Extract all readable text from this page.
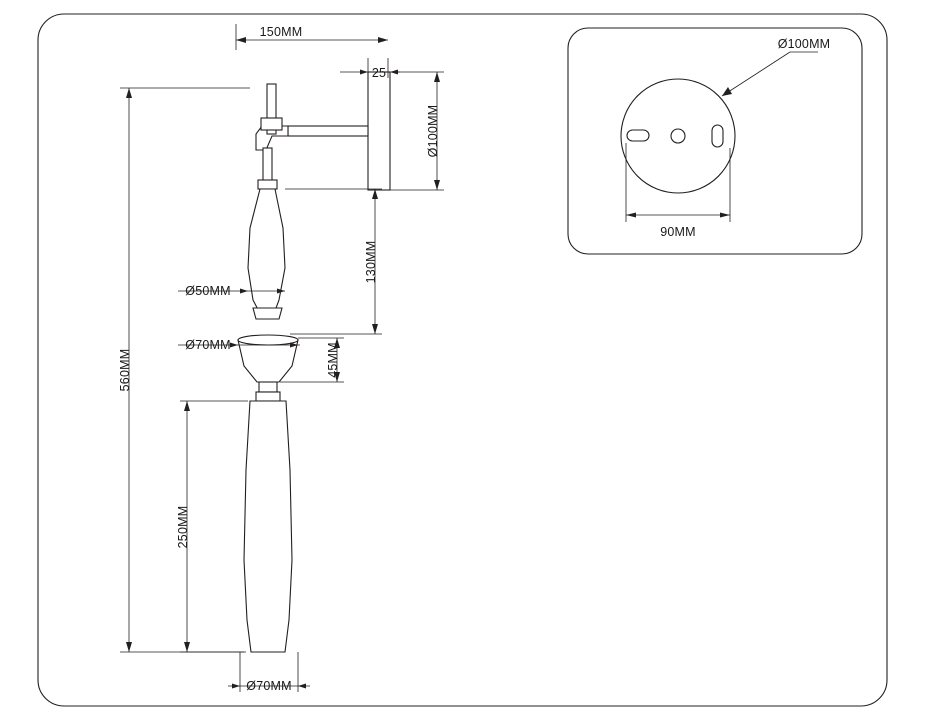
150MM
25
Ø100MM
560MM
130MM
Ø50MM
Ø70MM	45MM
250MM
Ø70MM
Ø100MM
90MM
